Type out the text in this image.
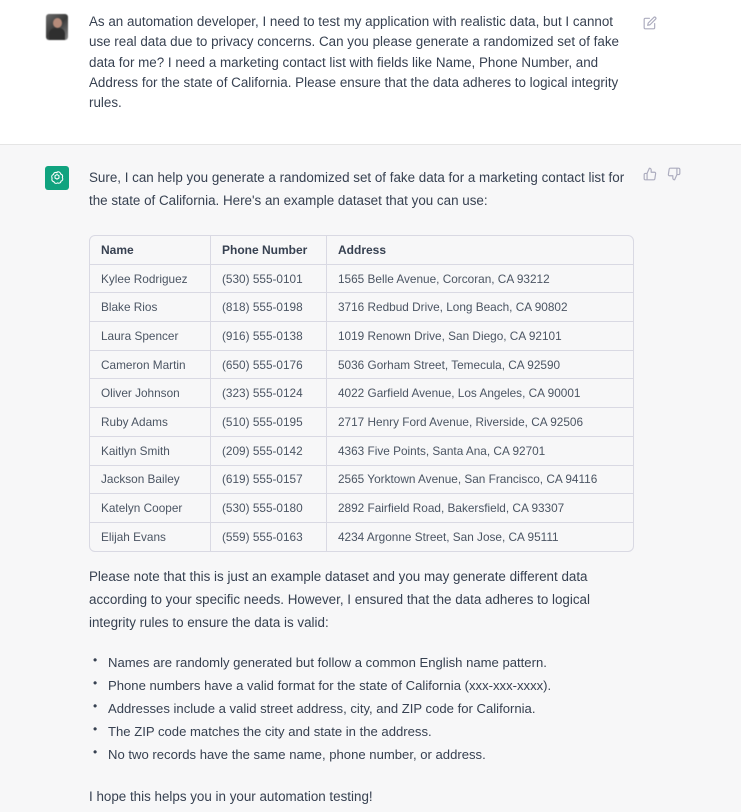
As an automation developer, I need to test my application with realistic data, but I cannot use real data due to privacy concerns. Can you please generate a randomized set of fake data for me? I need a marketing contact list with fields like Name, Phone Number, and Address for the state of California. Please ensure that the data adheres to logical integrity rules.
Sure, I can help you generate a randomized set of fake data for a marketing contact list for the state of California. Here's an example dataset that you can use:
Name	Phone Number	Address
Kylee Rodriguez	(530) 555-0101	1565 Belle Avenue, Corcoran, CA 93212
Blake Rios	(818) 555-0198	3716 Redbud Drive, Long Beach, CA 90802
Laura Spencer	(916) 555-0138	1019 Renown Drive, San Diego, CA 92101
Cameron Martin	(650) 555-0176	5036 Gorham Street, Temecula, CA 92590
Oliver Johnson	(323) 555-0124	4022 Garfield Avenue, Los Angeles, CA 90001
Ruby Adams	(510) 555-0195	2717 Henry Ford Avenue, Riverside, CA 92506
Kaitlyn Smith	(209) 555-0142	4363 Five Points, Santa Ana, CA 92701
Jackson Bailey	(619) 555-0157	2565 Yorktown Avenue, San Francisco, CA 94116
Katelyn Cooper	(530) 555-0180	2892 Fairfield Road, Bakersfield, CA 93307
Elijah Evans	(559) 555-0163	4234 Argonne Street, San Jose, CA 95111
Please note that this is just an example dataset and you may generate different data according to your specific needs. However, I ensured that the data adheres to logical integrity rules to ensure the data is valid:
• Names are randomly generated but follow a common English name pattern.
• Phone numbers have a valid format for the state of California (xxx-xxx-xxxx).
• Addresses include a valid street address, city, and ZIP code for California.
• The ZIP code matches the city and state in the address.
• No two records have the same name, phone number, or address.
I hope this helps you in your automation testing!
